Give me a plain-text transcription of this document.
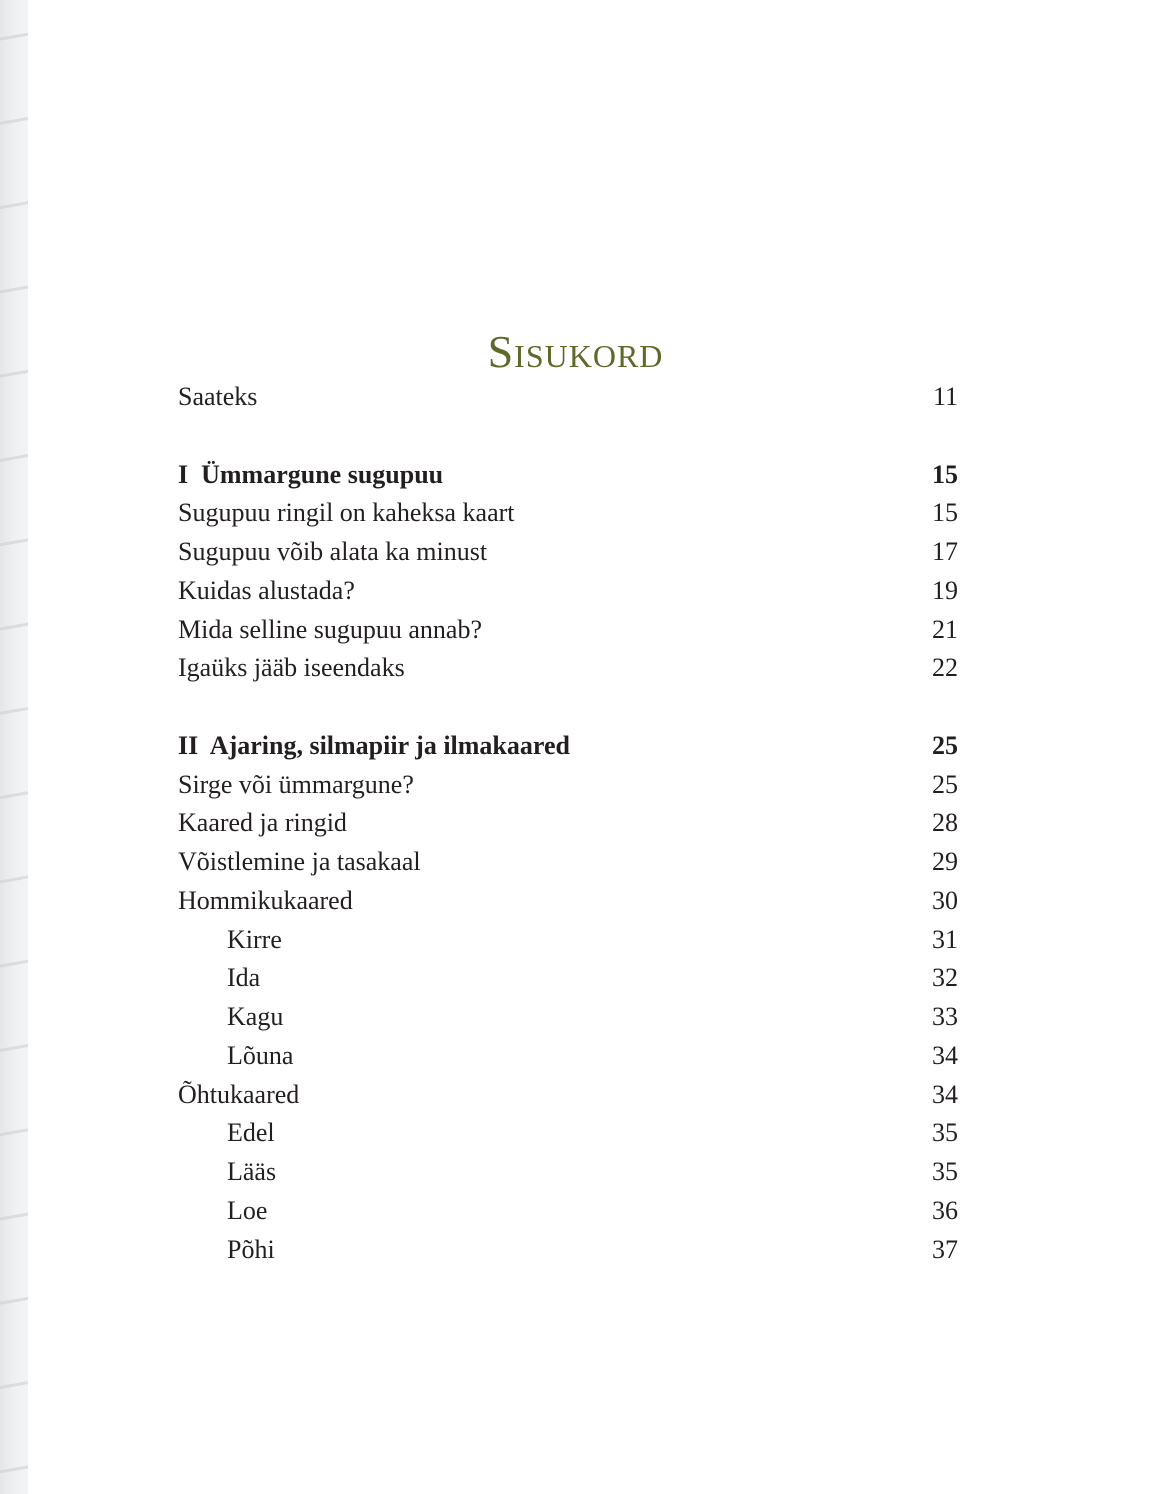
Sisukord
Saateks	11
I  Ümmargune sugupuu	15
Sugupuu ringil on kaheksa kaart	15
Sugupuu võib alata ka minust	17
Kuidas alustada?	19
Mida selline sugupuu annab?	21
Igaüks jääb iseendaks	22
II  Ajaring, silmapiir ja ilmakaared	25
Sirge või ümmargune?	25
Kaared ja ringid	28
Võistlemine ja tasakaal	29
Hommikukaared	30
Kirre	31
Ida	32
Kagu	33
Lõuna	34
Õhtukaared	34
Edel	35
Lääs	35
Loe	36
Põhi	37
